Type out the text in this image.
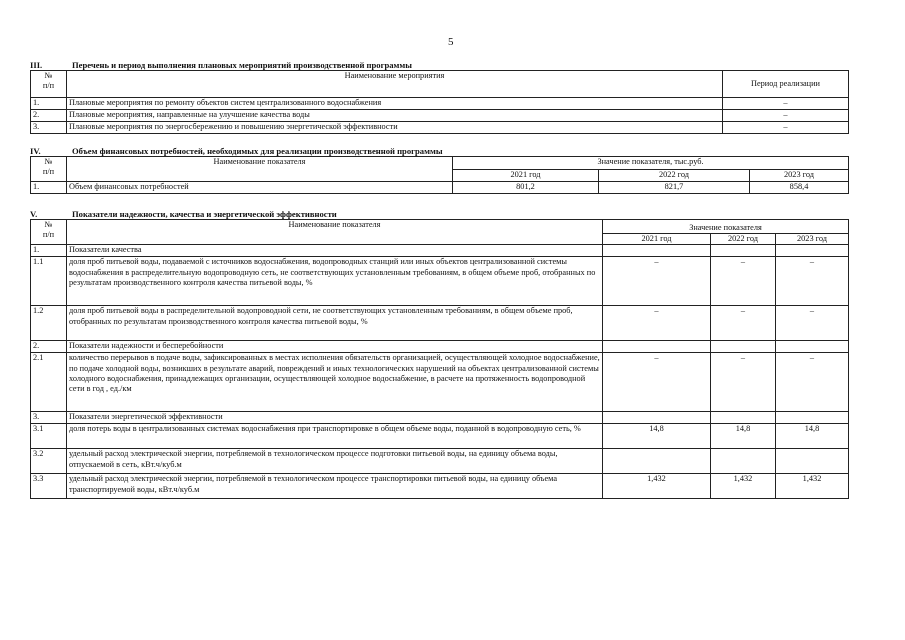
5
III.	Перечень и период выполнения плановых мероприятий производственной программы
№
п/п	Наименование мероприятия	Период реализации
1.	Плановые мероприятия по ремонту объектов систем централизованного водоснабжения	–
2.	Плановые мероприятия, направленные на улучшение качества воды	–
3.	Плановые мероприятия по энергосбережению и повышению энергетической эффективности	–
IV.	Объем финансовых потребностей, необходимых для реализации производственной программы
№
п/п	Наименование показателя	Значение показателя, тыс.руб.		
		2021 год	2022 год	2023 год
1.	Объем финансовых потребностей	801,2	821,7	858,4
V.	Показатели надежности, качества и энергетической эффективности
№
п/п	Наименование показателя	Значение показателя		
		2021 год	2022 год	2023 год
1.	Показатели качества			
1.1	доля проб питьевой воды, подаваемой с источников водоснабжения, водопроводных станций или иных объектов централизованной системы водоснабжения в распределительную водопроводную сеть, не соответствующих установленным требованиям, в общем объеме проб, отобранных по результатам производственного контроля качества питьевой воды, %	–	–	–
1.2	доля проб питьевой воды в распределительной водопроводной сети, не соответствующих установленным требованиям, в общем объеме проб, отобранных по результатам производственного контроля качества питьевой воды, %	–	–	–
2.	Показатели надежности и бесперебойности			
2.1	количество перерывов в подаче воды, зафиксированных в местах исполнения обязательств организацией, осуществляющей холодное водоснабжение, по подаче холодной воды, возникших в результате аварий, повреждений и иных технологических нарушений на объектах централизованной системы холодного водоснабжения, принадлежащих организации, осуществляющей холодное водоснабжение, в расчете на протяженность водопроводной сети в год , ед./км	–	–	–
3.	Показатели энергетической эффективности			
3.1	доля потерь воды в централизованных системах водоснабжения при транспортировке в общем объеме воды, поданной в водопроводную сеть, %	14,8	14,8	14,8
3.2	удельный расход электрической энергии, потребляемой в технологическом процессе подготовки питьевой воды, на единицу объема воды, отпускаемой в сеть, кВт.ч/куб.м			
3.3	удельный расход электрической энергии, потребляемой в технологическом процессе транспортировки питьевой воды, на единицу объема транспортируемой воды, кВт.ч/куб.м	1,432	1,432	1,432
